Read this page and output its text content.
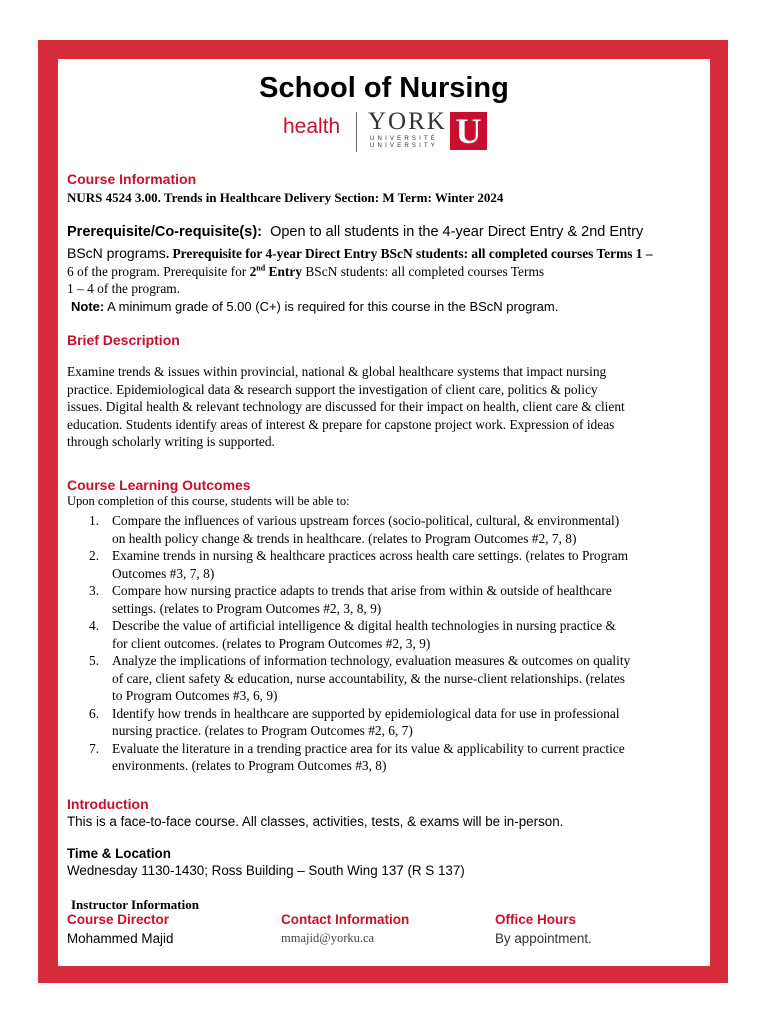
School of Nursing
health YORK
UNIVERSITÉ
UNIVERSITY U
Course Information
NURS 4524 3.00. Trends in Healthcare Delivery Section: M Term: Winter 2024
Prerequisite/Co-requisite(s): Open to all students in the 4-year Direct Entry & 2nd Entry
BScN programs. Prerequisite for 4-year Direct Entry BScN students: all completed courses Terms 1 –
6 of the program. Prerequisite for 2nd Entry BScN students: all completed courses Terms
1 – 4 of the program.
Note: A minimum grade of 5.00 (C+) is required for this course in the BScN program.
Brief Description
Examine trends & issues within provincial, national & global healthcare systems that impact nursing
practice. Epidemiological data & research support the investigation of client care, politics & policy
issues. Digital health & relevant technology are discussed for their impact on health, client care & client
education. Students identify areas of interest & prepare for capstone project work. Expression of ideas
through scholarly writing is supported.
Course Learning Outcomes
Upon completion of this course, students will be able to:
1. Compare the influences of various upstream forces (socio-political, cultural, & environmental)
on health policy change & trends in healthcare. (relates to Program Outcomes #2, 7, 8)
2. Examine trends in nursing & healthcare practices across health care settings. (relates to Program
Outcomes #3, 7, 8)
3. Compare how nursing practice adapts to trends that arise from within & outside of healthcare
settings. (relates to Program Outcomes #2, 3, 8, 9)
4. Describe the value of artificial intelligence & digital health technologies in nursing practice &
for client outcomes. (relates to Program Outcomes #2, 3, 9)
5. Analyze the implications of information technology, evaluation measures & outcomes on quality
of care, client safety & education, nurse accountability, & the nurse-client relationships. (relates
to Program Outcomes #3, 6, 9)
6. Identify how trends in healthcare are supported by epidemiological data for use in professional
nursing practice. (relates to Program Outcomes #2, 6, 7)
7. Evaluate the literature in a trending practice area for its value & applicability to current practice
environments. (relates to Program Outcomes #3, 8)
Introduction
This is a face-to-face course. All classes, activities, tests, & exams will be in-person.
Time & Location
Wednesday 1130-1430; Ross Building – South Wing 137 (R S 137)
Instructor Information
Course Director
Mohammed Majid
Contact Information
mmajid@yorku.ca
Office Hours
By appointment.
